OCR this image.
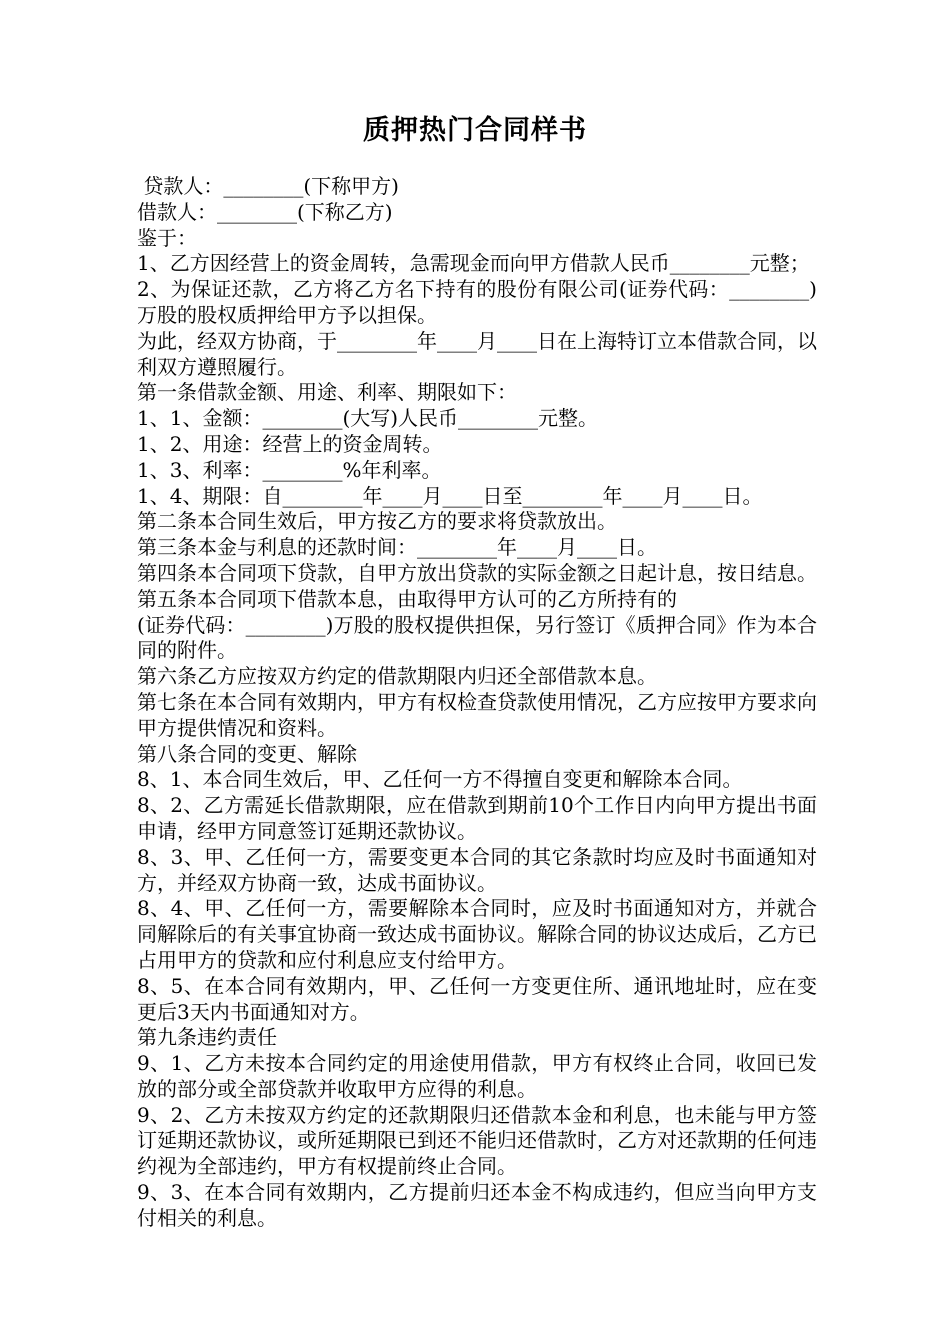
质押热门合同样书
贷款人：________(下称甲方)
借款人：________(下称乙方)
鉴于：
1、乙方因经营上的资金周转，急需现金而向甲方借款人民币________元整；
2、为保证还款，乙方将乙方名下持有的股份有限公司(证券代码：________)万股的股权质押给甲方予以担保。
为此，经双方协商，于________年____月____日在上海特订立本借款合同，以利双方遵照履行。
第一条借款金额、用途、利率、期限如下：
1、1、金额：________(大写)人民币________元整。
1、2、用途：经营上的资金周转。
1、3、利率：________%年利率。
1、4、期限：自________年____月____日至________年____月____日。
第二条本合同生效后，甲方按乙方的要求将贷款放出。
第三条本金与利息的还款时间：________年____月____日。
第四条本合同项下贷款，自甲方放出贷款的实际金额之日起计息，按日结息。
第五条本合同项下借款本息，由取得甲方认可的乙方所持有的
(证券代码：________)万股的股权提供担保，另行签订《质押合同》作为本合同的附件。
第六条乙方应按双方约定的借款期限内归还全部借款本息。
第七条在本合同有效期内，甲方有权检查贷款使用情况，乙方应按甲方要求向甲方提供情况和资料。
第八条合同的变更、解除
8、1、本合同生效后，甲、乙任何一方不得擅自变更和解除本合同。
8、2、乙方需延长借款期限，应在借款到期前10个工作日内向甲方提出书面申请，经甲方同意签订延期还款协议。
8、3、甲、乙任何一方，需要变更本合同的其它条款时均应及时书面通知对方，并经双方协商一致，达成书面协议。
8、4、甲、乙任何一方，需要解除本合同时，应及时书面通知对方，并就合同解除后的有关事宜协商一致达成书面协议。解除合同的协议达成后，乙方已占用甲方的贷款和应付利息应支付给甲方。
8、5、在本合同有效期内，甲、乙任何一方变更住所、通讯地址时，应在变更后3天内书面通知对方。
第九条违约责任
9、1、乙方未按本合同约定的用途使用借款，甲方有权终止合同，收回已发放的部分或全部贷款并收取甲方应得的利息。
9、2、乙方未按双方约定的还款期限归还借款本金和利息，也未能与甲方签订延期还款协议，或所延期限已到还不能归还借款时，乙方对还款期的任何违约视为全部违约，甲方有权提前终止合同。
9、3、在本合同有效期内，乙方提前归还本金不构成违约，但应当向甲方支付相关的利息。
